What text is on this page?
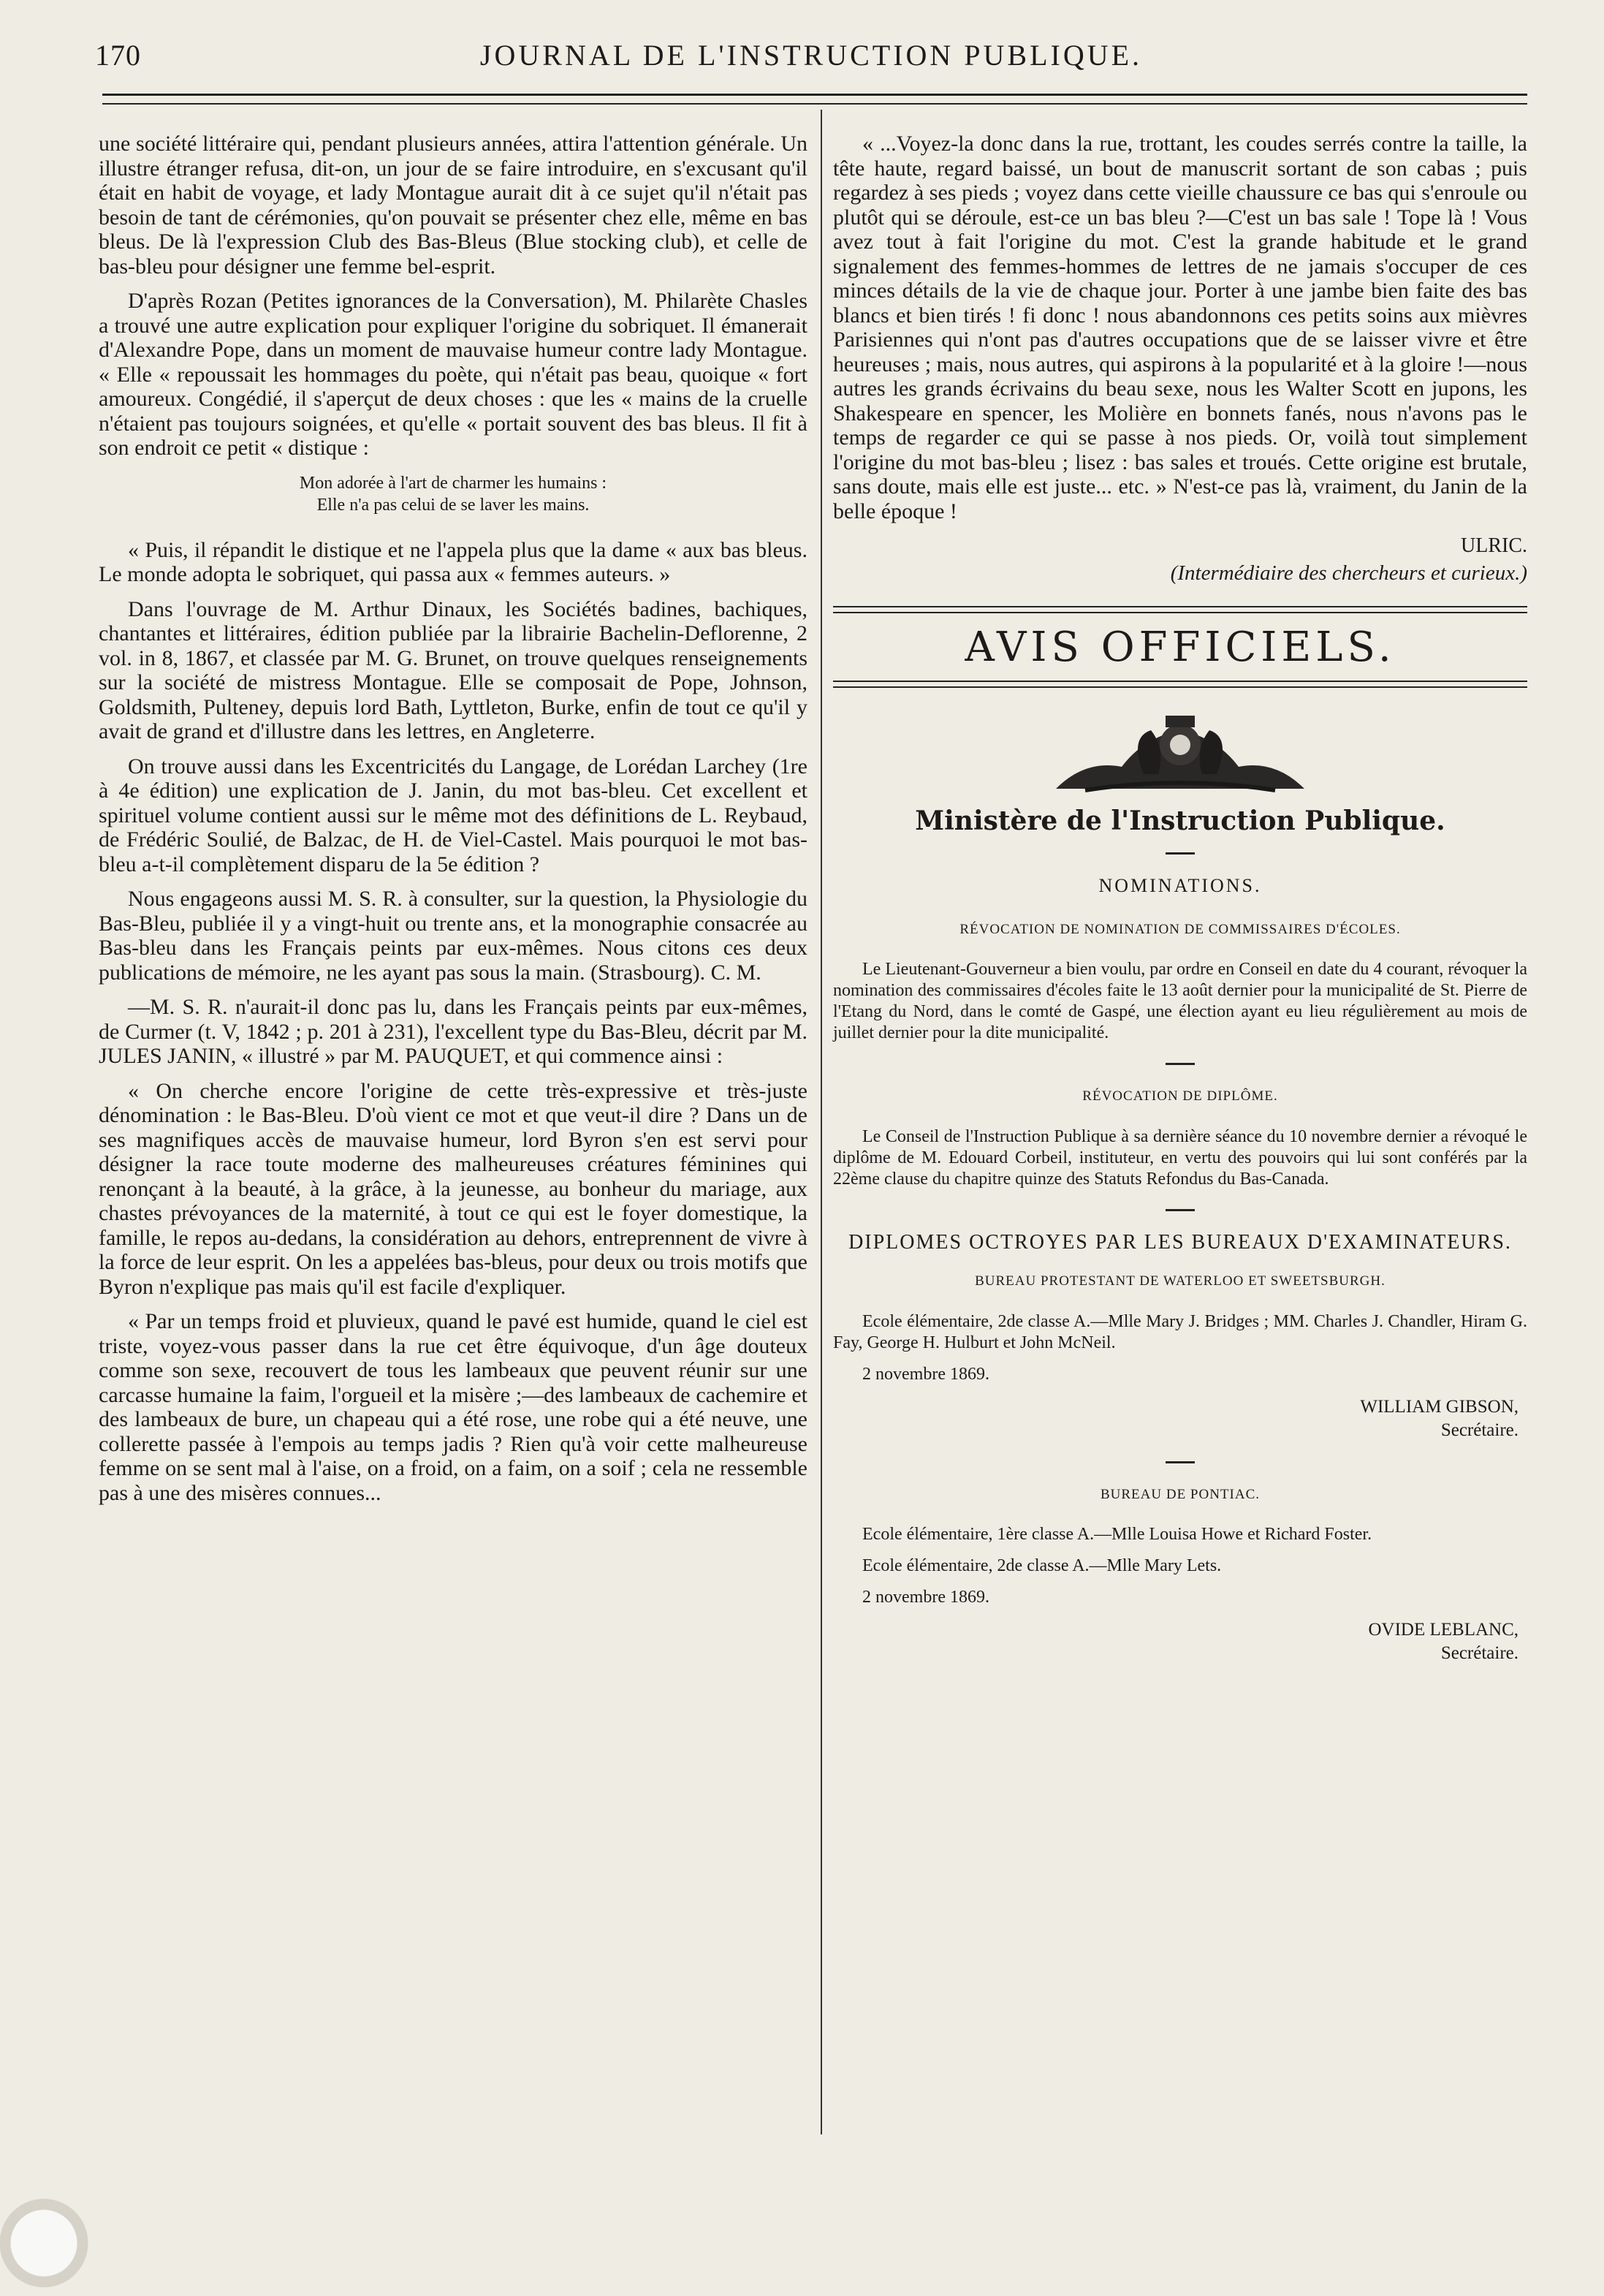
170	JOURNAL DE L'INSTRUCTION PUBLIQUE.

une société littéraire qui, pendant plusieurs années, attira l'attention générale. Un illustre étranger refusa, dit-on, un jour de se faire introduire, en s'excusant qu'il était en habit de voyage, et lady Montague aurait dit à ce sujet qu'il n'était pas besoin de tant de cérémonies, qu'on pouvait se présenter chez elle, même en bas bleus. De là l'expression Club des Bas-Bleus (Blue stocking club), et celle de bas-bleu pour désigner une femme bel-esprit.

D'après Rozan (Petites ignorances de la Conversation), M. Philarète Chasles a trouvé une autre explication pour expliquer l'origine du sobriquet. Il émanerait d'Alexandre Pope, dans un moment de mauvaise humeur contre lady Montague. « Elle « repoussait les hommages du poète, qui n'était pas beau, quoique « fort amoureux. Congédié, il s'aperçut de deux choses : que les « mains de la cruelle n'étaient pas toujours soignées, et qu'elle « portait souvent des bas bleus. Il fit à son endroit ce petit « distique :

Mon adorée à l'art de charmer les humains :
Elle n'a pas celui de se laver les mains.

« Puis, il répandit le distique et ne l'appela plus que la dame « aux bas bleus. Le monde adopta le sobriquet, qui passa aux « femmes auteurs. »

Dans l'ouvrage de M. Arthur Dinaux, les Sociétés badines, bachiques, chantantes et littéraires, édition publiée par la librairie Bachelin-Deflorenne, 2 vol. in 8, 1867, et classée par M. G. Brunet, on trouve quelques renseignements sur la société de mistress Montague. Elle se composait de Pope, Johnson, Goldsmith, Pulteney, depuis lord Bath, Lyttleton, Burke, enfin de tout ce qu'il y avait de grand et d'illustre dans les lettres, en Angleterre.

On trouve aussi dans les Excentricités du Langage, de Lorédan Larchey (1re à 4e édition) une explication de J. Janin, du mot bas-bleu. Cet excellent et spirituel volume contient aussi sur le même mot des définitions de L. Reybaud, de Frédéric Soulié, de Balzac, de H. de Viel-Castel. Mais pourquoi le mot bas-bleu a-t-il complètement disparu de la 5e édition ?

Nous engageons aussi M. S. R. à consulter, sur la question, la Physiologie du Bas-Bleu, publiée il y a vingt-huit ou trente ans, et la monographie consacrée au Bas-bleu dans les Français peints par eux-mêmes. Nous citons ces deux publications de mémoire, ne les ayant pas sous la main. (Strasbourg). C. M.

—M. S. R. n'aurait-il donc pas lu, dans les Français peints par eux-mêmes, de Curmer (t. V, 1842 ; p. 201 à 231), l'excellent type du Bas-Bleu, décrit par M. JULES JANIN, « illustré » par M. PAUQUET, et qui commence ainsi :

« On cherche encore l'origine de cette très-expressive et très-juste dénomination : le Bas-Bleu. D'où vient ce mot et que veut-il dire ? Dans un de ses magnifiques accès de mauvaise humeur, lord Byron s'en est servi pour désigner la race toute moderne des malheureuses créatures féminines qui renonçant à la beauté, à la grâce, à la jeunesse, au bonheur du mariage, aux chastes prévoyances de la maternité, à tout ce qui est le foyer domestique, la famille, le repos au-dedans, la considération au dehors, entreprennent de vivre à la force de leur esprit. On les a appelées bas-bleus, pour deux ou trois motifs que Byron n'explique pas mais qu'il est facile d'expliquer.

« Par un temps froid et pluvieux, quand le pavé est humide, quand le ciel est triste, voyez-vous passer dans la rue cet être équivoque, d'un âge douteux comme son sexe, recouvert de tous les lambeaux que peuvent réunir sur une carcasse humaine la faim, l'orgueil et la misère ;—des lambeaux de cachemire et des lambeaux de bure, un chapeau qui a été rose, une robe qui a été neuve, une collerette passée à l'empois au temps jadis ? Rien qu'à voir cette malheureuse femme on se sent mal à l'aise, on a froid, on a faim, on a soif ; cela ne ressemble pas à une des misères connues...

« ...Voyez-la donc dans la rue, trottant, les coudes serrés contre la taille, la tête haute, regard baissé, un bout de manuscrit sortant de son cabas ; puis regardez à ses pieds ; voyez dans cette vieille chaussure ce bas qui s'enroule ou plutôt qui se déroule, est-ce un bas bleu ?—C'est un bas sale ! Tope là ! Vous avez tout à fait l'origine du mot. C'est la grande habitude et le grand signalement des femmes-hommes de lettres de ne jamais s'occuper de ces minces détails de la vie de chaque jour. Porter à une jambe bien faite des bas blancs et bien tirés ! fi donc ! nous abandonnons ces petits soins aux mièvres Parisiennes qui n'ont pas d'autres occupations que de se laisser vivre et être heureuses ; mais, nous autres, qui aspirons à la popularité et à la gloire !—nous autres les grands écrivains du beau sexe, nous les Walter Scott en jupons, les Shakespeare en spencer, les Molière en bonnets fanés, nous n'avons pas le temps de regarder ce qui se passe à nos pieds. Or, voilà tout simplement l'origine du mot bas-bleu ; lisez : bas sales et troués. Cette origine est brutale, sans doute, mais elle est juste... etc. » N'est-ce pas là, vraiment, du Janin de la belle époque !

ULRIC.
(Intermédiaire des chercheurs et curieux.)
AVIS OFFICIELS.
Ministère de l'Instruction Publique.
NOMINATIONS.
RÉVOCATION DE NOMINATION DE COMMISSAIRES D'ÉCOLES.

Le Lieutenant-Gouverneur a bien voulu, par ordre en Conseil en date du 4 courant, révoquer la nomination des commissaires d'écoles faite le 13 août dernier pour la municipalité de St. Pierre de l'Etang du Nord, dans le comté de Gaspé, une élection ayant eu lieu régulièrement au mois de juillet dernier pour la dite municipalité.

RÉVOCATION DE DIPLÔME.

Le Conseil de l'Instruction Publique à sa dernière séance du 10 novembre dernier a révoqué le diplôme de M. Edouard Corbeil, instituteur, en vertu des pouvoirs qui lui sont conférés par la 22ème clause du chapitre quinze des Statuts Refondus du Bas-Canada.

DIPLOMES OCTROYES PAR LES BUREAUX D'EXAMINATEURS.
BUREAU PROTESTANT DE WATERLOO ET SWEETSBURGH.

Ecole élémentaire, 2de classe A.—Mlle Mary J. Bridges ; MM. Charles J. Chandler, Hiram G. Fay, George H. Hulburt et John McNeil.

2 novembre 1869.

WILLIAM GIBSON,
Secrétaire.
BUREAU DE PONTIAC.

Ecole élémentaire, 1ère classe A.—Mlle Louisa Howe et Richard Foster.

Ecole élémentaire, 2de classe A.—Mlle Mary Lets.

2 novembre 1869.

OVIDE LEBLANC,
Secrétaire.
